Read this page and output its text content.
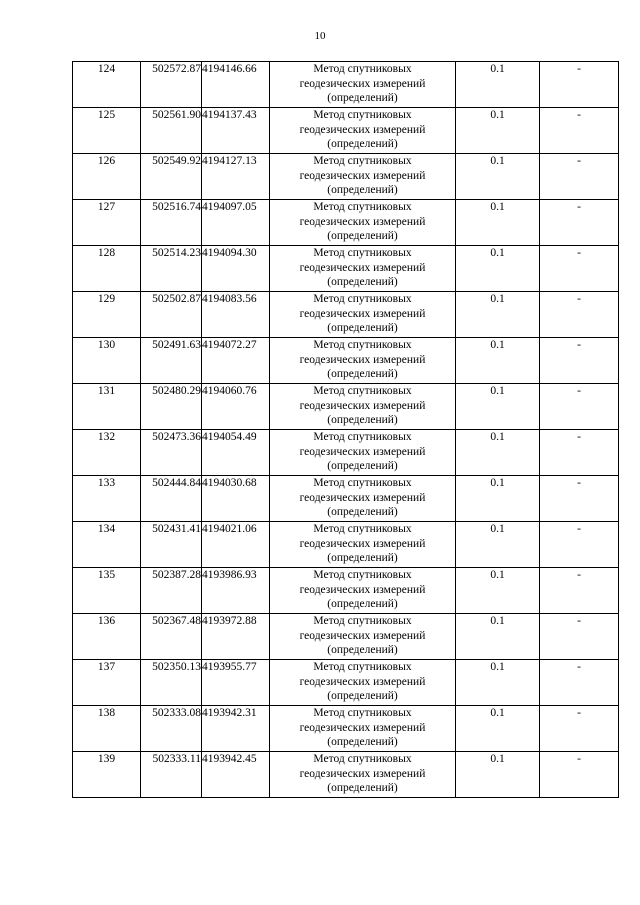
10
124	502572.87	4194146.66	Метод спутниковых
геодезических измерений
(определений)	0.1	-
125	502561.90	4194137.43	Метод спутниковых
геодезических измерений
(определений)	0.1	-
126	502549.92	4194127.13	Метод спутниковых
геодезических измерений
(определений)	0.1	-
127	502516.74	4194097.05	Метод спутниковых
геодезических измерений
(определений)	0.1	-
128	502514.23	4194094.30	Метод спутниковых
геодезических измерений
(определений)	0.1	-
129	502502.87	4194083.56	Метод спутниковых
геодезических измерений
(определений)	0.1	-
130	502491.63	4194072.27	Метод спутниковых
геодезических измерений
(определений)	0.1	-
131	502480.29	4194060.76	Метод спутниковых
геодезических измерений
(определений)	0.1	-
132	502473.36	4194054.49	Метод спутниковых
геодезических измерений
(определений)	0.1	-
133	502444.84	4194030.68	Метод спутниковых
геодезических измерений
(определений)	0.1	-
134	502431.41	4194021.06	Метод спутниковых
геодезических измерений
(определений)	0.1	-
135	502387.28	4193986.93	Метод спутниковых
геодезических измерений
(определений)	0.1	-
136	502367.48	4193972.88	Метод спутниковых
геодезических измерений
(определений)	0.1	-
137	502350.13	4193955.77	Метод спутниковых
геодезических измерений
(определений)	0.1	-
138	502333.08	4193942.31	Метод спутниковых
геодезических измерений
(определений)	0.1	-
139	502333.11	4193942.45	Метод спутниковых
геодезических измерений
(определений)	0.1	-
